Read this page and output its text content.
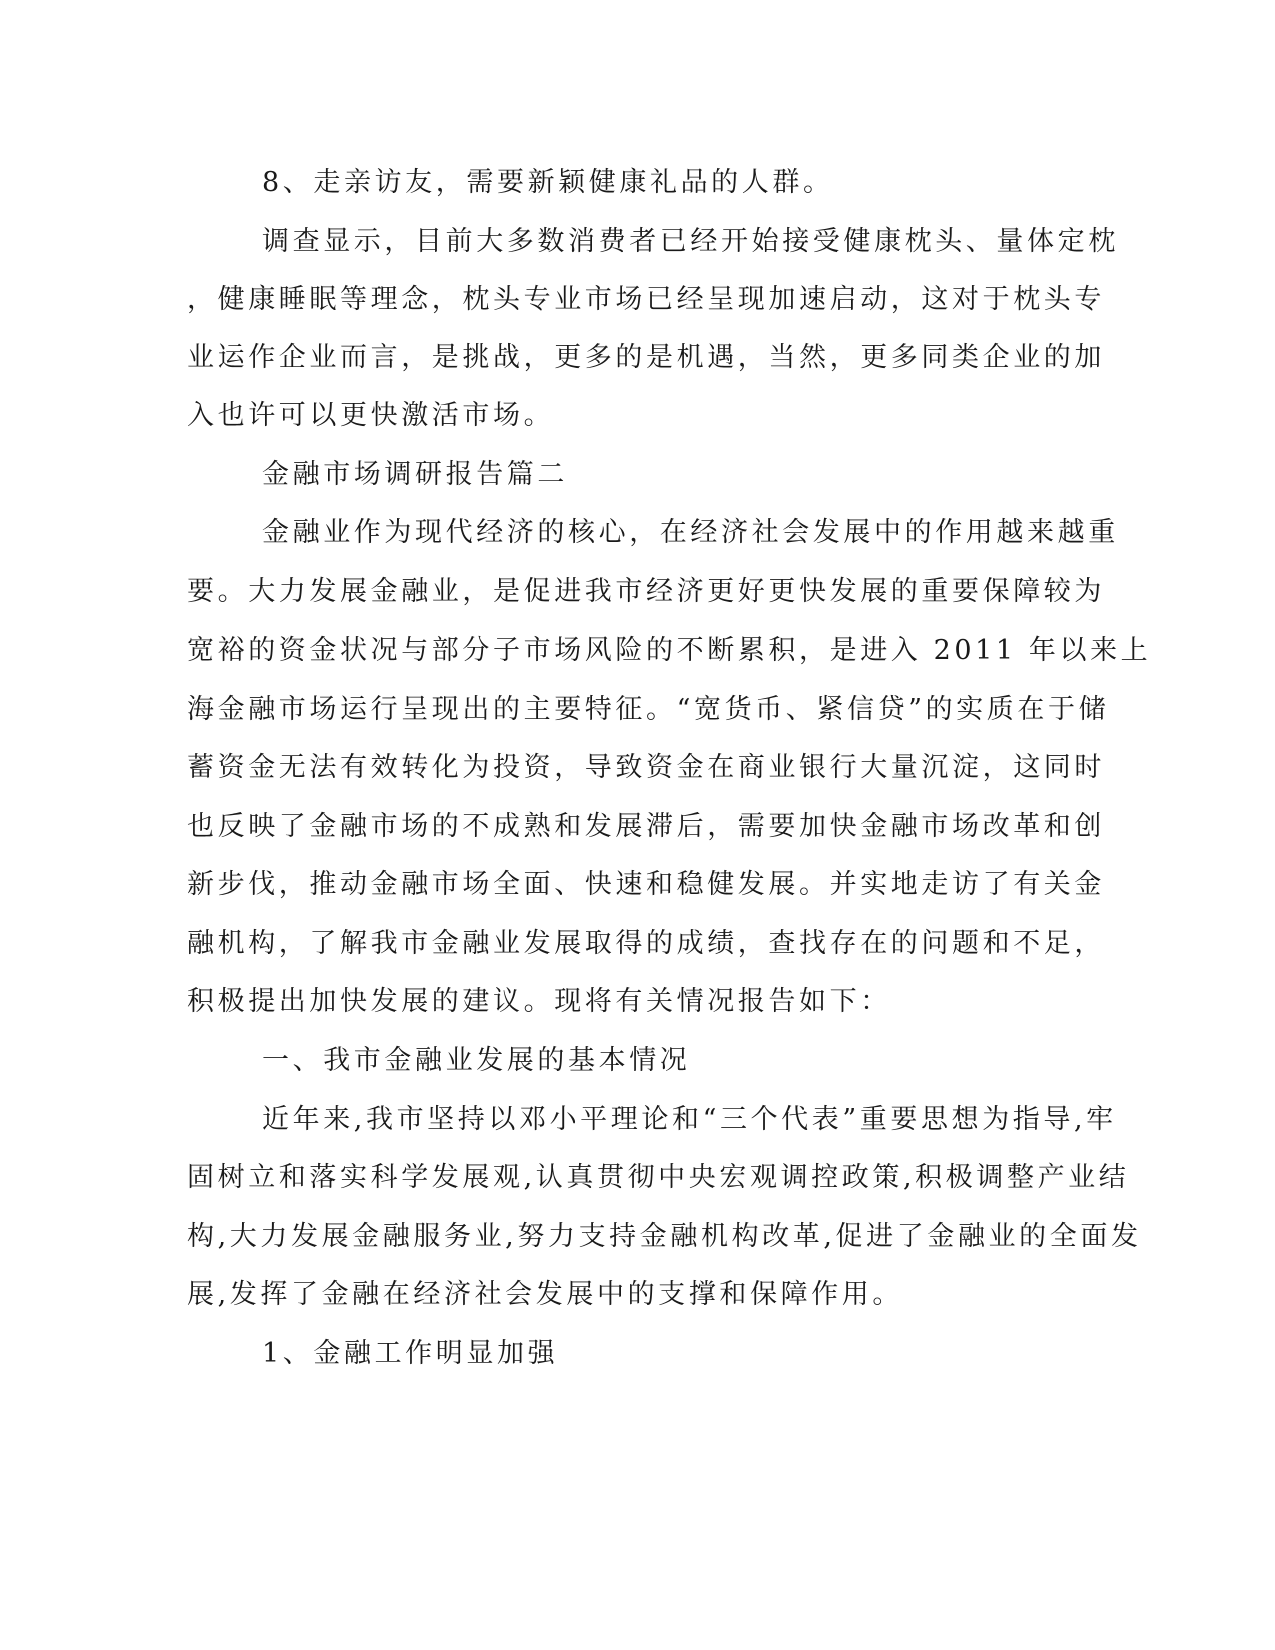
8、走亲访友，需要新颖健康礼品的人群。
调查显示，目前大多数消费者已经开始接受健康枕头、量体定枕
，健康睡眠等理念，枕头专业市场已经呈现加速启动，这对于枕头专
业运作企业而言，是挑战，更多的是机遇，当然，更多同类企业的加
入也许可以更快激活市场。
金融市场调研报告篇二
金融业作为现代经济的核心，在经济社会发展中的作用越来越重
要。大力发展金融业，是促进我市经济更好更快发展的重要保障较为
宽裕的资金状况与部分子市场风险的不断累积，是进入 2011 年以来上
海金融市场运行呈现出的主要特征。“宽货币、紧信贷”的实质在于储
蓄资金无法有效转化为投资，导致资金在商业银行大量沉淀，这同时
也反映了金融市场的不成熟和发展滞后，需要加快金融市场改革和创
新步伐，推动金融市场全面、快速和稳健发展。并实地走访了有关金
融机构，了解我市金融业发展取得的成绩，查找存在的问题和不足，
积极提出加快发展的建议。现将有关情况报告如下：
一、我市金融业发展的基本情况
近年来,我市坚持以邓小平理论和“三个代表”重要思想为指导,牢
固树立和落实科学发展观,认真贯彻中央宏观调控政策,积极调整产业结
构,大力发展金融服务业,努力支持金融机构改革,促进了金融业的全面发
展,发挥了金融在经济社会发展中的支撑和保障作用。
1、金融工作明显加强
